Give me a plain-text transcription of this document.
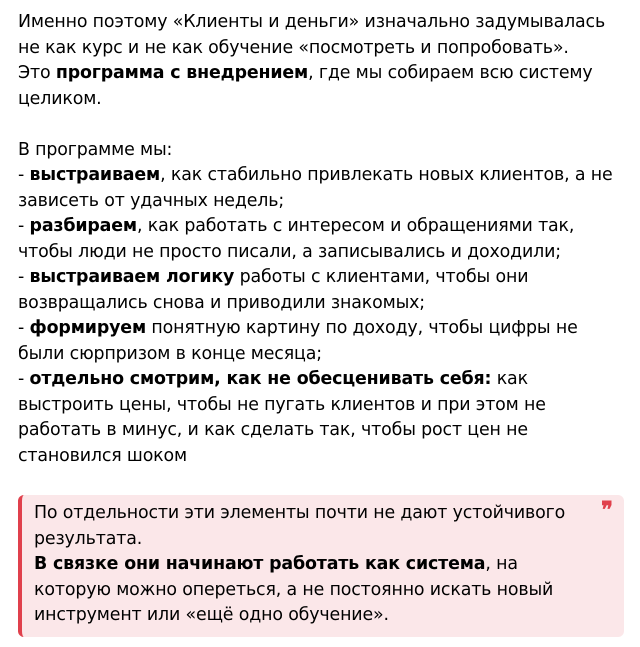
Именно поэтому «Клиенты и деньги» изначально задумывалась не как курс и не как обучение «посмотреть и попробовать».
Это программа с внедрением, где мы собираем всю систему целиком.

В программе мы:
- выстраиваем, как стабильно привлекать новых клиентов, а не зависеть от удачных недель;
- разбираем, как работать с интересом и обращениями так, чтобы люди не просто писали, а записывались и доходили;
- выстраиваем логику работы с клиентами, чтобы они возвращались снова и приводили знакомых;
- формируем понятную картину по доходу, чтобы цифры не были сюрпризом в конце месяца;
- отдельно смотрим, как не обесценивать себя: как выстроить цены, чтобы не пугать клиентов и при этом не работать в минус, и как сделать так, чтобы рост цен не становился шоком

❞
По отдельности эти элементы почти не дают устойчивого результата.
В связке они начинают работать как система, на которую можно опереться, а не постоянно искать новый инструмент или «ещё одно обучение».
